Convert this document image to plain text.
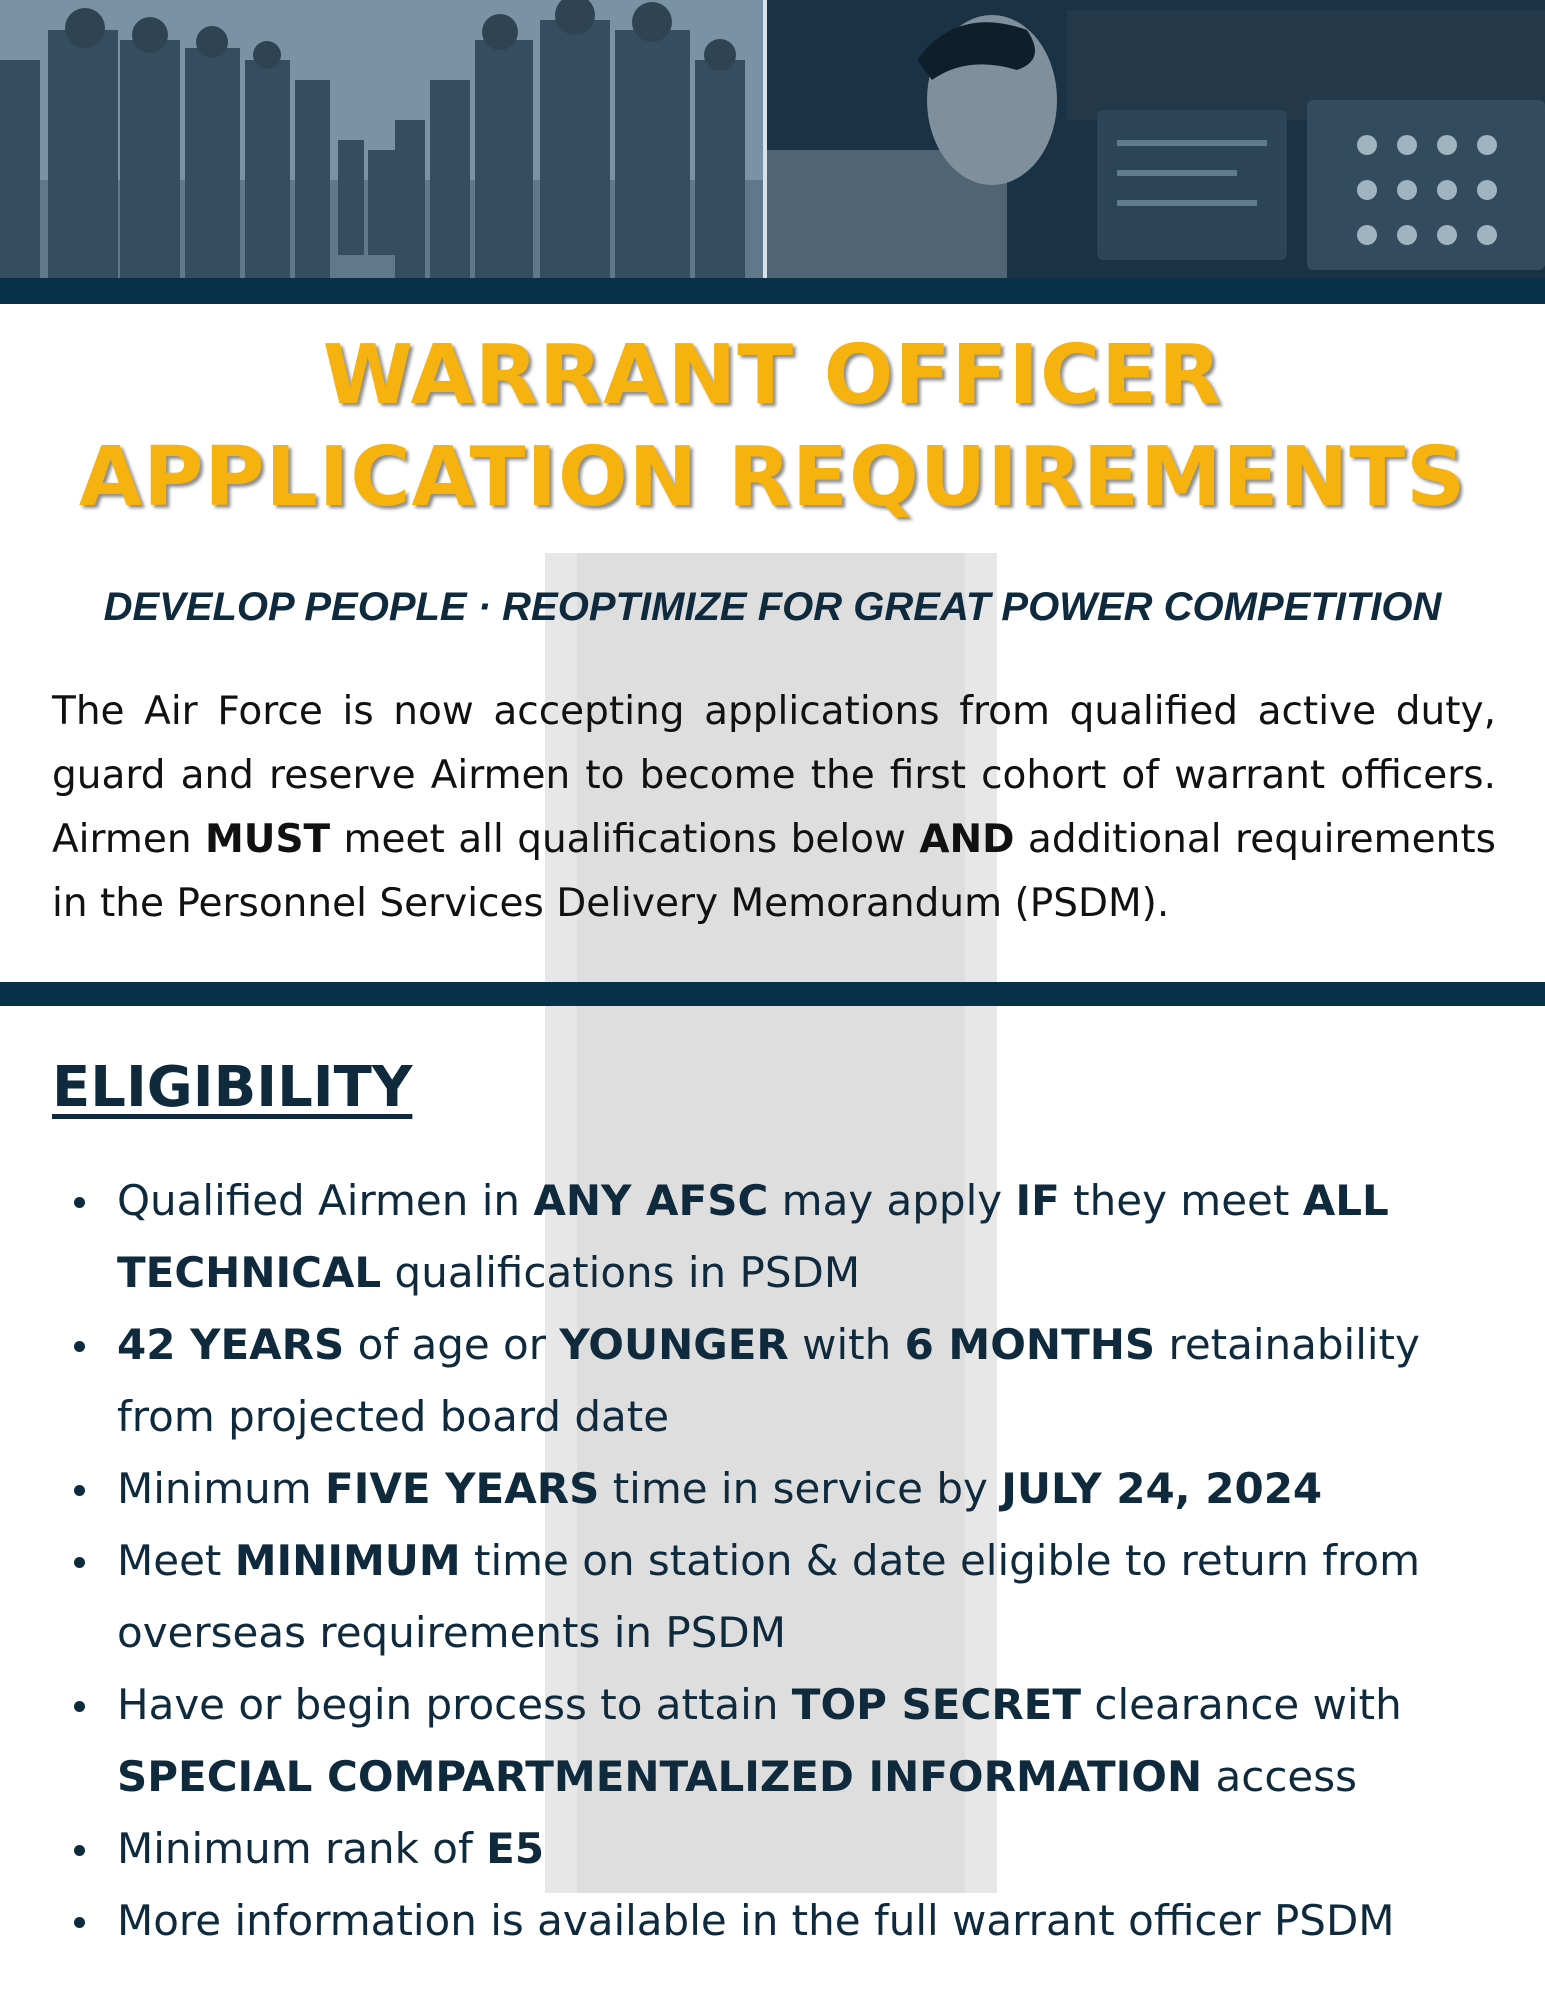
WARRANT OFFICER
APPLICATION REQUIREMENTS
DEVELOP PEOPLE · REOPTIMIZE FOR GREAT POWER COMPETITION
The Air Force is now accepting applications from qualified active duty, guard and reserve Airmen to become the first cohort of warrant officers. Airmen MUST meet all qualifications below AND additional requirements in the Personnel Services Delivery Memorandum (PSDM).
ELIGIBILITY
Qualified Airmen in ANY AFSC may apply IF they meet ALL TECHNICAL qualifications in PSDM
42 YEARS of age or YOUNGER with 6 MONTHS retainability from projected board date
Minimum FIVE YEARS time in service by JULY 24, 2024
Meet MINIMUM time on station & date eligible to return from overseas requirements in PSDM
Have or begin process to attain TOP SECRET clearance with SPECIAL COMPARTMENTALIZED INFORMATION access
Minimum rank of E5
More information is available in the full warrant officer PSDM
